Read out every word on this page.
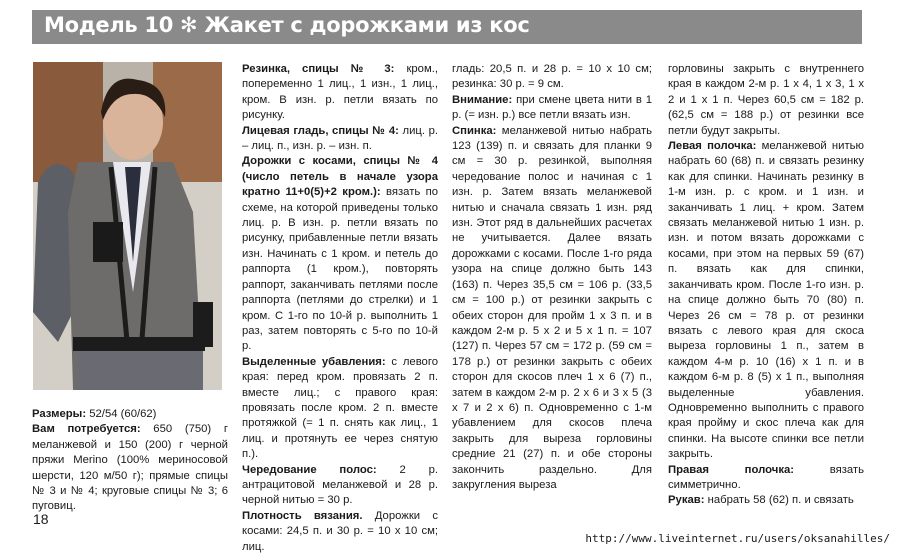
Модель 10 ✻ Жакет с дорожками из кос

Размеры: 52/54 (60/62)

Вам потребуется: 650 (750) г меланжевой и 150 (200) г черной пряжи Merino (100% мериносовой шерсти, 120 м/50 г); прямые спицы № 3 и № 4; круговые спицы № 3; 6 пуговиц.

Резинка, спицы № 3: кром., попеременно 1 лиц., 1 изн., 1 лиц., кром. В изн. р. петли вязать по рисунку.

Лицевая гладь, спицы № 4: лиц. р. – лиц. п., изн. р. – изн. п.

Дорожки с косами, спицы № 4 (число петель в начале узора кратно 11+0(5)+2 кром.): вязать по схеме, на которой приведены только лиц. р. В изн. р. петли вязать по рисунку, прибавленные петли вязать изн. Начинать с 1 кром. и петель до раппорта (1 кром.), повторять раппорт, заканчивать петлями после раппорта (петлями до стрелки) и 1 кром. С 1-го по 10-й р. выполнить 1 раз, затем повторять с 5-го по 10-й р.

Выделенные убавления: с левого края: перед кром. провязать 2 п. вместе лиц.; с правого края: провязать после кром. 2 п. вместе протяжкой (= 1 п. снять как лиц., 1 лиц. и протянуть ее через снятую п.).

Чередование полос: 2 р. антрацитовой меланжевой и 28 р. черной нитью = 30 р.

Плотность вязания. Дорожки с косами: 24,5 п. и 30 р. = 10 х 10 см; лиц.

гладь: 20,5 п. и 28 р. = 10 х 10 см; резинка: 30 р. = 9 см.

Внимание: при смене цвета нити в 1 р. (= изн. р.) все петли вязать изн.

Спинка: меланжевой нитью набрать 123 (139) п. и связать для планки 9 см = 30 р. резинкой, выполняя чередование полос и начиная с 1 изн. р. Затем вязать меланжевой нитью и сначала связать 1 изн. ряд изн. Этот ряд в дальнейших расчетах не учитывается. Далее вязать дорожками с косами. После 1-го ряда узора на спице должно быть 143 (163) п. Через 35,5 см = 106 р. (33,5 см = 100 р.) от резинки закрыть с обеих сторон для пройм 1 х 3 п. и в каждом 2-м р. 5 х 2 и 5 х 1 п. = 107 (127) п. Через 57 см = 172 р. (59 см = 178 р.) от резинки закрыть с обеих сторон для скосов плеч 1 х 6 (7) п., затем в каждом 2-м р. 2 х 6 и 3 х 5 (3 х 7 и 2 х 6) п. Одновременно с 1-м убавлением для скосов плеча закрыть для выреза горловины средние 21 (27) п. и обе стороны закончить раздельно. Для закругления выреза

горловины закрыть с внутреннего края в каждом 2-м р. 1 х 4, 1 х 3, 1 х 2 и 1 х 1 п. Через 60,5 см = 182 р. (62,5 см = 188 р.) от резинки все петли будут закрыты.

Левая полочка: меланжевой нитью набрать 60 (68) п. и связать резинку как для спинки. Начинать резинку в 1-м изн. р. с кром. и 1 изн. и заканчивать 1 лиц. + кром. Затем связать меланжевой нитью 1 изн. р. изн. и потом вязать дорожками с косами, при этом на первых 59 (67) п. вязать как для спинки, заканчивать кром. После 1-го изн. р. на спице должно быть 70 (80) п. Через 26 см = 78 р. от резинки вязать с левого края для скоса выреза горловины 1 п., затем в каждом 4-м р. 10 (16) х 1 п. и в каждом 6-м р. 8 (5) х 1 п., выполняя выделенные убавления. Одновременно выполнить с правого края пройму и скос плеча как для спинки. На высоте спинки все петли закрыть.

Правая полочка:	вязать симметрично.

Рукав: набрать 58 (62) п. и связать

18
http://www.liveinternet.ru/users/oksanahilles/
